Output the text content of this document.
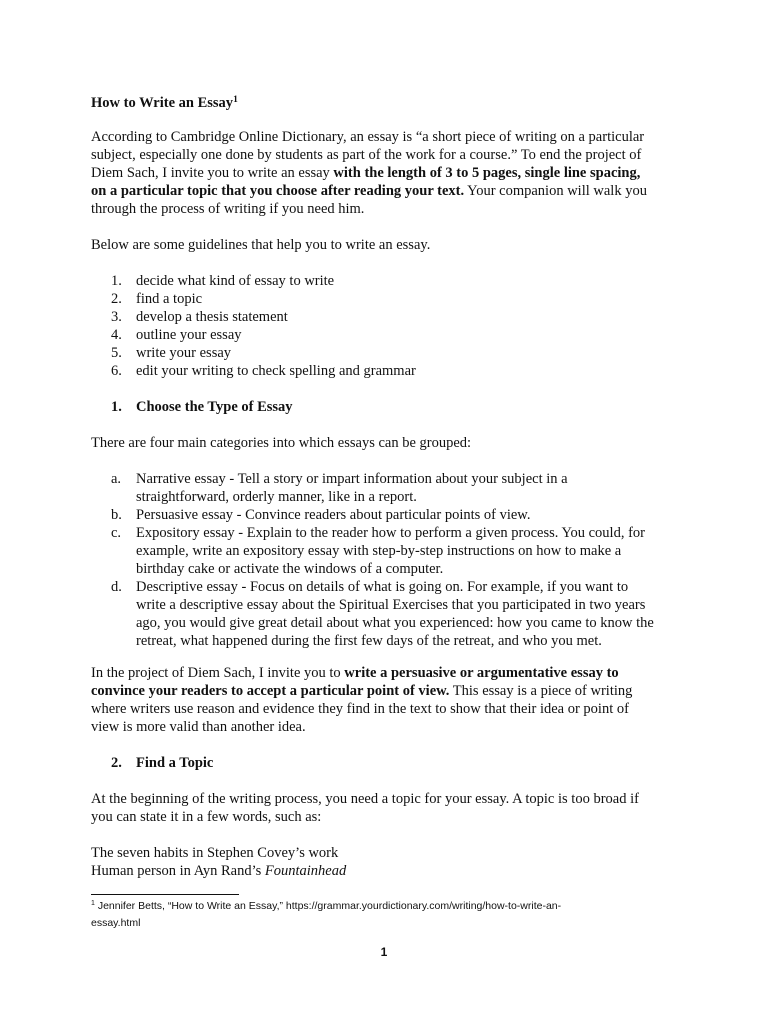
How to Write an Essay$^1$
According to Cambridge Online Dictionary, an essay is “a short piece of writing on a particular
subject, especially one done by students as part of the work for a course.” To end the project of
Diem Sach, I invite you to write an essay with the length of 3 to 5 pages, single line spacing,
on a particular topic that you choose after reading your text. Your companion will walk you
through the process of writing if you need him.
Below are some guidelines that help you to write an essay.
1. decide what kind of essay to write
2. find a topic
3. develop a thesis statement
4. outline your essay
5. write your essay
6. edit your writing to check spelling and grammar
1. Choose the Type of Essay
There are four main categories into which essays can be grouped:
a. Narrative essay - Tell a story or impart information about your subject in a
straightforward, orderly manner, like in a report.
b. Persuasive essay - Convince readers about particular points of view.
c. Expository essay - Explain to the reader how to perform a given process. You could, for
example, write an expository essay with step-by-step instructions on how to make a
birthday cake or activate the windows of a computer.
d. Descriptive essay - Focus on details of what is going on. For example, if you want to
write a descriptive essay about the Spiritual Exercises that you participated in two years
ago, you would give great detail about what you experienced: how you came to know the
retreat, what happened during the first few days of the retreat, and who you met.
In the project of Diem Sach, I invite you to write a persuasive or argumentative essay to
convince your readers to accept a particular point of view. This essay is a piece of writing
where writers use reason and evidence they find in the text to show that their idea or point of
view is more valid than another idea.
2. Find a Topic
At the beginning of the writing process, you need a topic for your essay. A topic is too broad if
you can state it in a few words, such as:
The seven habits in Stephen Covey’s work
Human person in Ayn Rand’s Fountainhead
$^1$ Jennifer Betts, “How to Write an Essay,” https://grammar.yourdictionary.com/writing/how-to-write-an-
essay.html
1
